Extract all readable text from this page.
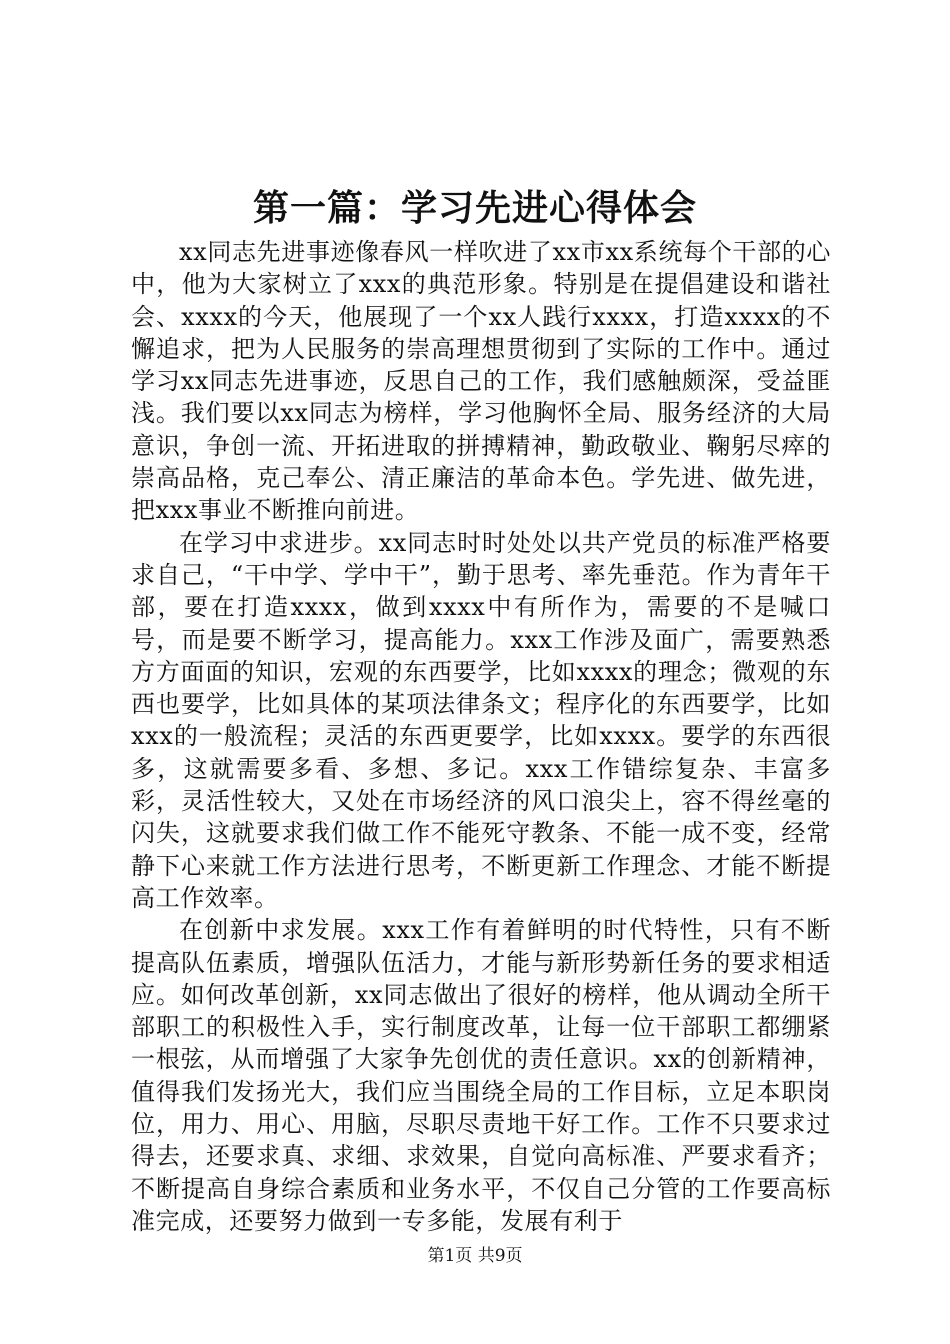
第一篇：学习先进心得体会

xx同志先进事迹像春风一样吹进了xx市xx系统每个干部的心中，他为大家树立了xxx的典范形象。特别是在提倡建设和谐社会、xxxx的今天，他展现了一个xx人践行xxxx，打造xxxx的不懈追求，把为人民服务的崇高理想贯彻到了实际的工作中。通过学习xx同志先进事迹，反思自己的工作，我们感触颇深，受益匪浅。我们要以xx同志为榜样，学习他胸怀全局、服务经济的大局意识，争创一流、开拓进取的拼搏精神，勤政敬业、鞠躬尽瘁的崇高品格，克己奉公、清正廉洁的革命本色。学先进、做先进，把xxx事业不断推向前进。

在学习中求进步。xx同志时时处处以共产党员的标准严格要求自己，“干中学、学中干”，勤于思考、率先垂范。作为青年干部，要在打造xxxx，做到xxxx中有所作为，需要的不是喊口号，而是要不断学习，提高能力。xxx工作涉及面广，需要熟悉方方面面的知识，宏观的东西要学，比如xxxx的理念；微观的东西也要学，比如具体的某项法律条文；程序化的东西要学，比如xxx的一般流程；灵活的东西更要学，比如xxxx。要学的东西很多，这就需要多看、多想、多记。xxx工作错综复杂、丰富多彩，灵活性较大，又处在市场经济的风口浪尖上，容不得丝毫的闪失，这就要求我们做工作不能死守教条、不能一成不变，经常静下心来就工作方法进行思考，不断更新工作理念、才能不断提高工作效率。

在创新中求发展。xxx工作有着鲜明的时代特性，只有不断提高队伍素质，增强队伍活力，才能与新形势新任务的要求相适应。如何改革创新，xx同志做出了很好的榜样，他从调动全所干部职工的积极性入手，实行制度改革，让每一位干部职工都绷紧一根弦，从而增强了大家争先创优的责任意识。xx的创新精神，值得我们发扬光大，我们应当围绕全局的工作目标，立足本职岗位，用力、用心、用脑，尽职尽责地干好工作。工作不只要求过得去，还要求真、求细、求效果，自觉向高标准、严要求看齐；不断提高自身综合素质和业务水平，不仅自己分管的工作要高标准完成，还要努力做到一专多能，发展有利于

第1页 共9页
